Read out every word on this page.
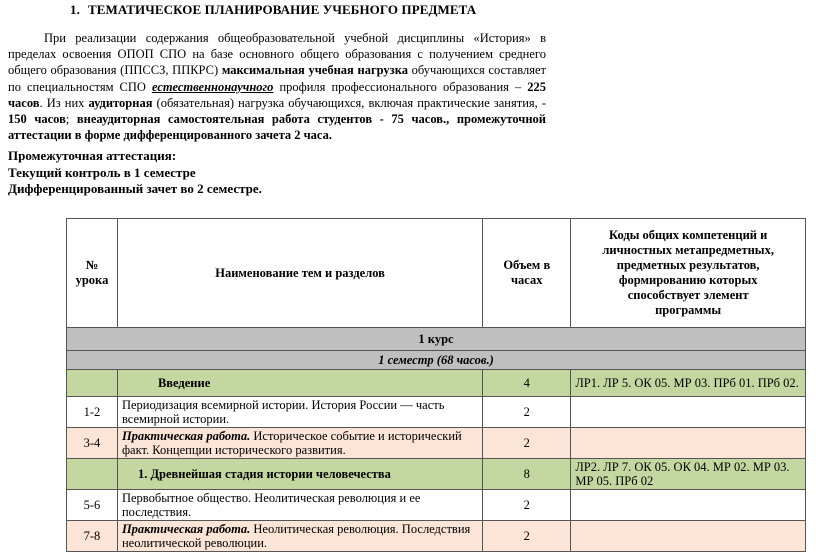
1. ТЕМАТИЧЕСКОЕ ПЛАНИРОВАНИЕ УЧЕБНОГО ПРЕДМЕТА
При реализации содержания общеобразовательной учебной дисциплины «История» в пределах освоения ОПОП СПО на базе основного общего образования с получением среднего общего образования (ППССЗ, ППКРС) максимальная учебная нагрузка обучающихся составляет по специальностям СПО естественнонаучного профиля профессионального образования – 225 часов. Из них аудиторная (обязательная) нагрузка обучающихся, включая практические занятия, - 150 часов; внеаудиторная самостоятельная работа студентов - 75 часов., промежуточной аттестации в форме дифференцированного зачета 2 часа.
Промежуточная аттестация:
Текущий контроль в 1 семестре
Дифференцированный зачет во 2 семестре.
№ урока	Наименование тем и разделов	Объем в часах	Коды общих компетенций и личностных метапредметных, предметных результатов, формированию которых способствует элемент программы

1 курс			
1 семестр (68 часов.)			
	Введение	4	ЛР1. ЛР 5. ОК 05. МР 03. ПРб 01. ПРб 02.
1-2	Периодизация всемирной истории. История России — часть всемирной истории.	2	
3-4	Практическая работа. Историческое событие и исторический факт. Концепции исторического развития.	2	
	1. Древнейшая стадия истории человечества	8	ЛР2. ЛР 7. ОК 05. ОК 04. МР 02. МР 03. МР 05. ПРб 02
5-6	Первобытное общество. Неолитическая революция и ее последствия.	2	
7-8	Практическая работа. Неолитическая революция. Последствия неолитической революции.	2	
